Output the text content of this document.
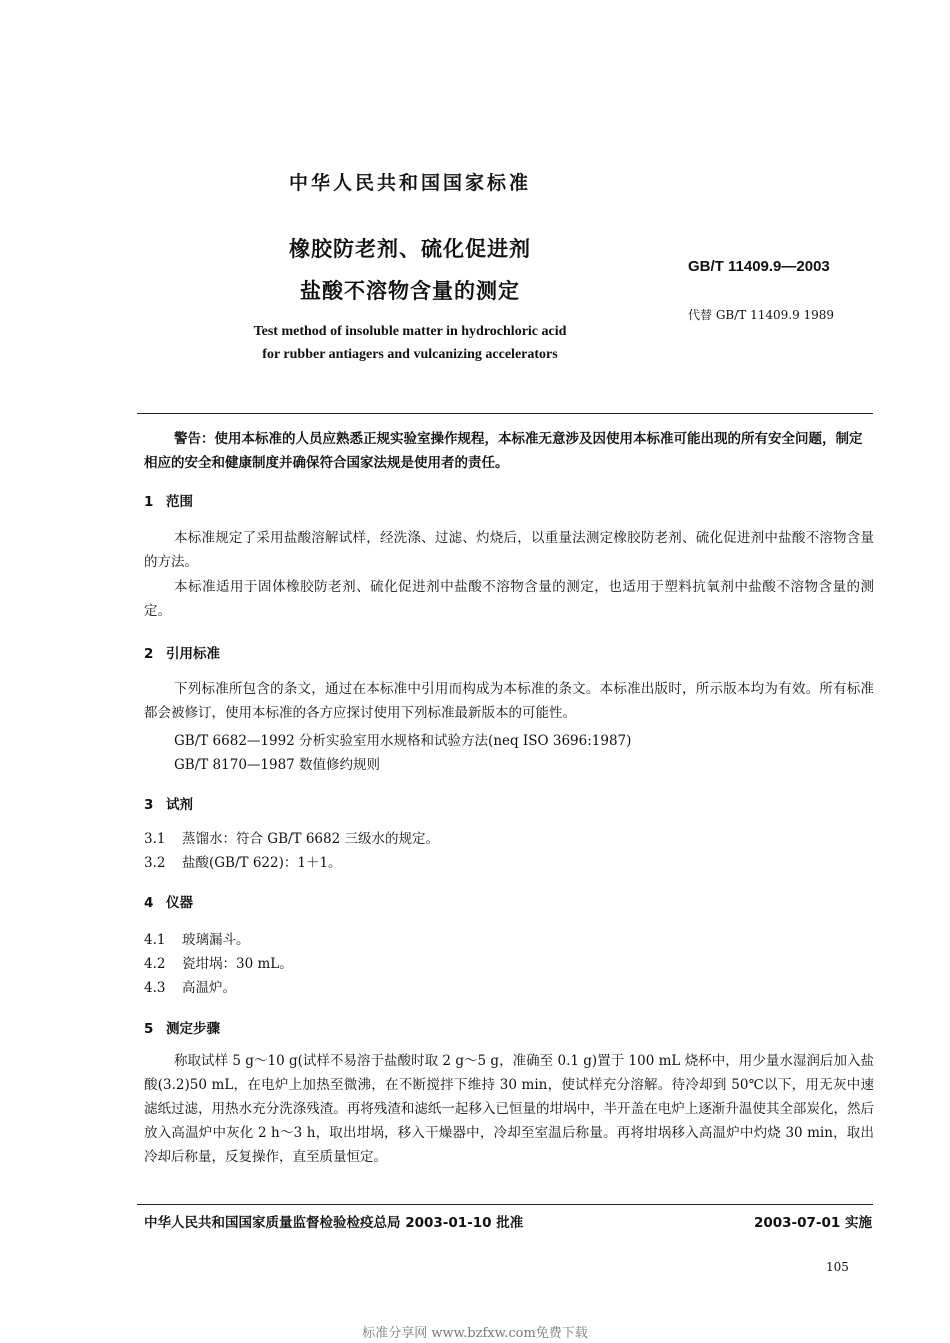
中华人民共和国国家标准
橡胶防老剂、硫化促进剂
盐酸不溶物含量的测定
GB/T 11409.9—2003
代替 GB/T 11409.9 1989
Test method of insoluble matter in hydrochloric acid
for rubber antiagers and vulcanizing accelerators
警告：使用本标准的人员应熟悉正规实验室操作规程，本标准无意涉及因使用本标准可能出现的所有安全问题，制定相应的安全和健康制度并确保符合国家法规是使用者的责任。
1 范围
本标准规定了采用盐酸溶解试样，经洗涤、过滤、灼烧后，以重量法测定橡胶防老剂、硫化促进剂中盐酸不溶物含量的方法。
本标准适用于固体橡胶防老剂、硫化促进剂中盐酸不溶物含量的测定，也适用于塑料抗氧剂中盐酸不溶物含量的测定。
2 引用标准
下列标准所包含的条文，通过在本标准中引用而构成为本标准的条文。本标准出版时，所示版本均为有效。所有标准都会被修订，使用本标准的各方应探讨使用下列标准最新版本的可能性。
GB/T 6682—1992 分析实验室用水规格和试验方法(neq ISO 3696:1987)
GB/T 8170—1987 数值修约规则
3 试剂
3.1 蒸馏水：符合 GB/T 6682 三级水的规定。
3.2 盐酸(GB/T 622)：1＋1。
4 仪器
4.1 玻璃漏斗。
4.2 瓷坩埚：30 mL。
4.3 高温炉。
5 测定步骤
称取试样 5 g～10 g(试样不易溶于盐酸时取 2 g～5 g，准确至 0.1 g)置于 100 mL 烧杯中，用少量水湿润后加入盐酸(3.2)50 mL，在电炉上加热至微沸，在不断搅拌下维持 30 min，使试样充分溶解。待冷却到 50℃以下，用无灰中速滤纸过滤，用热水充分洗涤残渣。再将残渣和滤纸一起移入已恒量的坩埚中，半开盖在电炉上逐渐升温使其全部炭化，然后放入高温炉中灰化 2 h～3 h，取出坩埚，移入干燥器中，冷却至室温后称量。再将坩埚移入高温炉中灼烧 30 min，取出冷却后称量，反复操作，直至质量恒定。
中华人民共和国国家质量监督检验检疫总局 2003-01-10 批准	2003-07-01 实施
105
标准分享网 www.bzfxw.com免费下载
